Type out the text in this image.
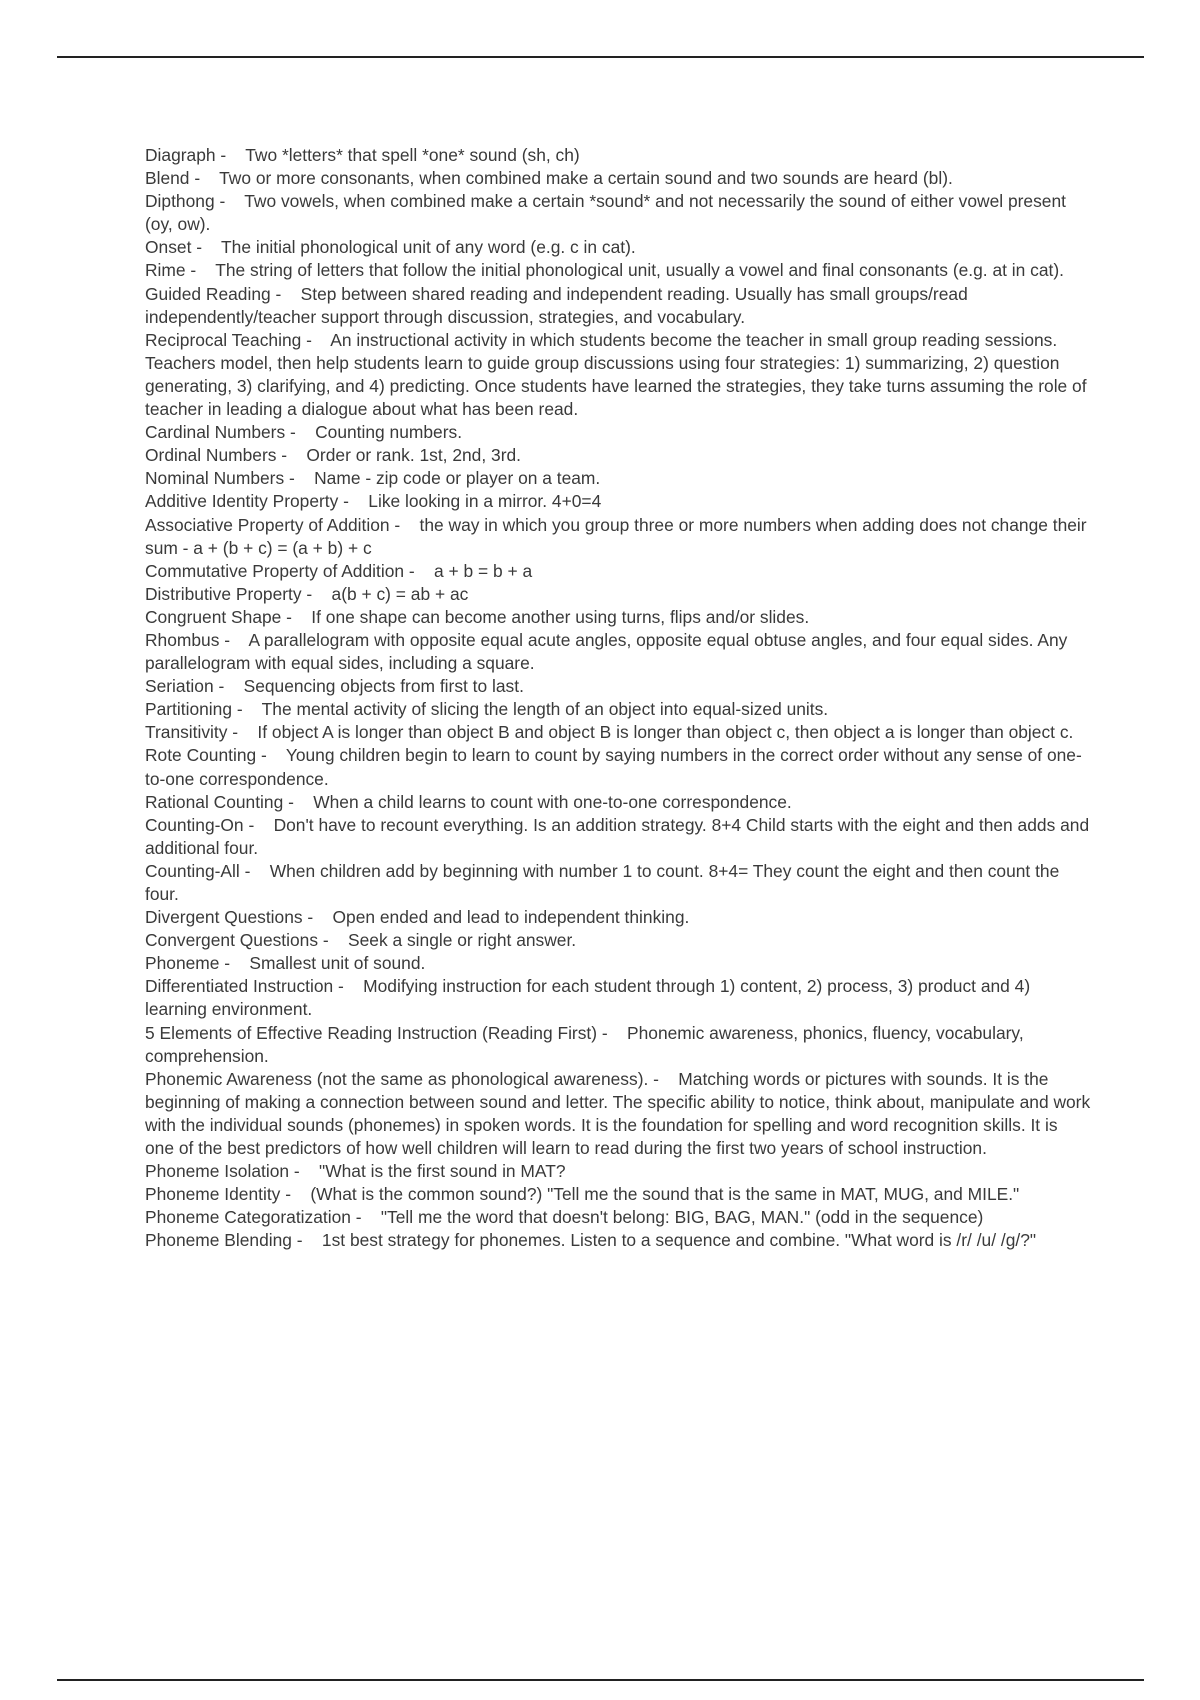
Diagraph -    Two *letters* that spell *one* sound (sh, ch)

Blend -    Two or more consonants, when combined make a certain sound and two sounds are heard (bl).

Dipthong -    Two vowels, when combined make a certain *sound* and not necessarily the sound of either vowel present (oy, ow).

Onset -    The initial phonological unit of any word (e.g. c in cat).

Rime -    The string of letters that follow the initial phonological unit, usually a vowel and final consonants (e.g. at in cat).

Guided Reading -    Step between shared reading and independent reading. Usually has small groups/read independently/teacher support through discussion, strategies, and vocabulary.

Reciprocal Teaching -    An instructional activity in which students become the teacher in small group reading sessions. Teachers model, then help students learn to guide group discussions using four strategies: 1) summarizing, 2) question generating, 3) clarifying, and 4) predicting. Once students have learned the strategies, they take turns assuming the role of teacher in leading a dialogue about what has been read.

Cardinal Numbers -    Counting numbers.

Ordinal Numbers -    Order or rank. 1st, 2nd, 3rd.

Nominal Numbers -    Name - zip code or player on a team.

Additive Identity Property -    Like looking in a mirror. 4+0=4

Associative Property of Addition -    the way in which you group three or more numbers when adding does not change their sum - a + (b + c) = (a + b) + c

Commutative Property of Addition -    a + b = b + a

Distributive Property -    a(b + c) = ab + ac

Congruent Shape -    If one shape can become another using turns, flips and/or slides.

Rhombus -    A parallelogram with opposite equal acute angles, opposite equal obtuse angles, and four equal sides. Any parallelogram with equal sides, including a square.

Seriation -    Sequencing objects from first to last.

Partitioning -    The mental activity of slicing the length of an object into equal-sized units.

Transitivity -    If object A is longer than object B and object B is longer than object c, then object a is longer than object c.

Rote Counting -    Young children begin to learn to count by saying numbers in the correct order without any sense of one-to-one correspondence.

Rational Counting -    When a child learns to count with one-to-one correspondence.

Counting-On -    Don't have to recount everything. Is an addition strategy. 8+4 Child starts with the eight and then adds and additional four.

Counting-All -    When children add by beginning with number 1 to count. 8+4= They count the eight and then count the four.

Divergent Questions -    Open ended and lead to independent thinking.

Convergent Questions -    Seek a single or right answer.

Phoneme -    Smallest unit of sound.

Differentiated Instruction -    Modifying instruction for each student through 1) content, 2) process, 3) product and 4) learning environment.

5 Elements of Effective Reading Instruction (Reading First) -    Phonemic awareness, phonics, fluency, vocabulary, comprehension.

Phonemic Awareness (not the same as phonological awareness). -    Matching words or pictures with sounds. It is the beginning of making a connection between sound and letter. The specific ability to notice, think about, manipulate and work with the individual sounds (phonemes) in spoken words. It is the foundation for spelling and word recognition skills. It is one of the best predictors of how well children will learn to read during the first two years of school instruction.

Phoneme Isolation -    "What is the first sound in MAT?

Phoneme Identity -    (What is the common sound?) "Tell me the sound that is the same in MAT, MUG, and MILE."

Phoneme Categoratization -    "Tell me the word that doesn't belong: BIG, BAG, MAN." (odd in the sequence)

Phoneme Blending -    1st best strategy for phonemes. Listen to a sequence and combine. "What word is /r/ /u/ /g/?"
